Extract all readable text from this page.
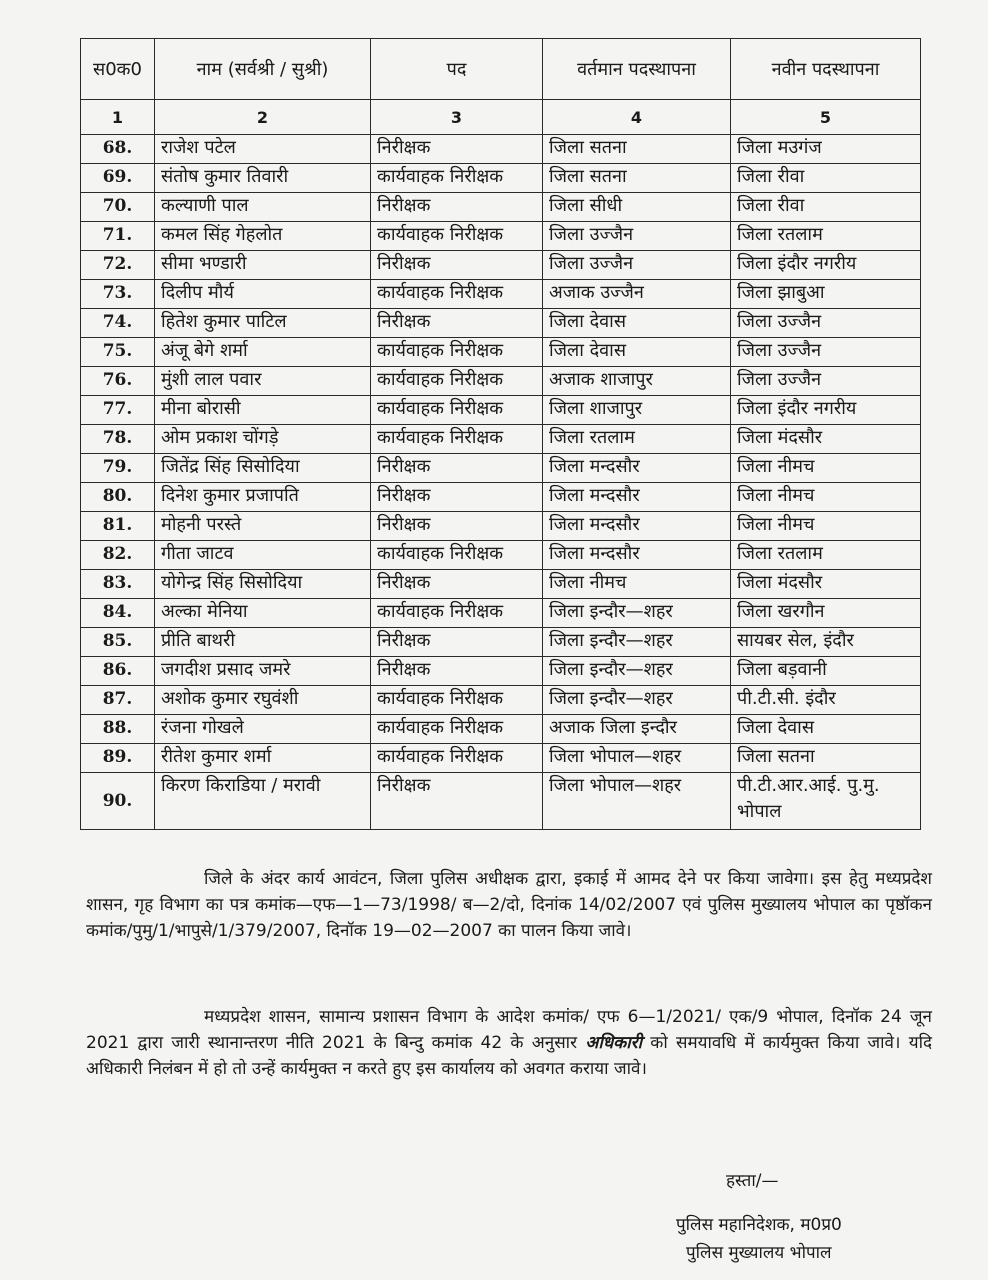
स0क0	नाम (सर्वश्री / सुश्री)	पद	वर्तमान पदस्थापना	नवीन पदस्थापना
1	2	3	4	5
68.	राजेश पटेल	निरीक्षक	जिला सतना	जिला मउगंज
69.	संतोष कुमार तिवारी	कार्यवाहक निरीक्षक	जिला सतना	जिला रीवा
70.	कल्याणी पाल	निरीक्षक	जिला सीधी	जिला रीवा
71.	कमल सिंह गेहलोत	कार्यवाहक निरीक्षक	जिला उज्जैन	जिला रतलाम
72.	सीमा भण्डारी	निरीक्षक	जिला उज्जैन	जिला इंदौर नगरीय
73.	दिलीप मौर्य	कार्यवाहक निरीक्षक	अजाक उज्जैन	जिला झाबुआ
74.	हितेश कुमार पाटिल	निरीक्षक	जिला देवास	जिला उज्जैन
75.	अंजू बेगे शर्मा	कार्यवाहक निरीक्षक	जिला देवास	जिला उज्जैन
76.	मुंशी लाल पवार	कार्यवाहक निरीक्षक	अजाक शाजापुर	जिला उज्जैन
77.	मीना बोरासी	कार्यवाहक निरीक्षक	जिला शाजापुर	जिला इंदौर नगरीय
78.	ओम प्रकाश चोंगड़े	कार्यवाहक निरीक्षक	जिला रतलाम	जिला मंदसौर
79.	जितेंद्र सिंह सिसोदिया	निरीक्षक	जिला मन्दसौर	जिला नीमच
80.	दिनेश कुमार प्रजापति	निरीक्षक	जिला मन्दसौर	जिला नीमच
81.	मोहनी परस्ते	निरीक्षक	जिला मन्दसौर	जिला नीमच
82.	गीता जाटव	कार्यवाहक निरीक्षक	जिला मन्दसौर	जिला रतलाम
83.	योगेन्द्र सिंह सिसोदिया	निरीक्षक	जिला नीमच	जिला मंदसौर
84.	अल्का मेनिया	कार्यवाहक निरीक्षक	जिला इन्दौर—शहर	जिला खरगौन
85.	प्रीति बाथरी	निरीक्षक	जिला इन्दौर—शहर	सायबर सेल, इंदौर
86.	जगदीश प्रसाद जमरे	निरीक्षक	जिला इन्दौर—शहर	जिला बड़वानी
87.	अशोक कुमार रघुवंशी	कार्यवाहक निरीक्षक	जिला इन्दौर—शहर	पी.टी.सी. इंदौर
88.	रंजना गोखले	कार्यवाहक निरीक्षक	अजाक जिला इन्दौर	जिला देवास
89.	रीतेश कुमार शर्मा	कार्यवाहक निरीक्षक	जिला भोपाल—शहर	जिला सतना
90.	किरण किराडिया / मरावी	निरीक्षक	जिला भोपाल—शहर	पी.टी.आर.आई. पु.मु. भोपाल
जिले के अंदर कार्य आवंटन, जिला पुलिस अधीक्षक द्वारा, इकाई में आमद देने पर किया जावेगा। इस हेतु मध्यप्रदेश शासन, गृह विभाग का पत्र कमांक—एफ—1—73/1998/ ब—2/दो, दिनांक 14/02/2007 एवं पुलिस मुख्यालय भोपाल का पृष्ठॉकन कमांक/पुमु/1/भापुसे/1/379/2007, दिनॉक 19—02—2007 का पालन किया जावे।
मध्यप्रदेश शासन, सामान्य प्रशासन विभाग के आदेश कमांक/ एफ 6—1/2021/ एक/9 भोपाल, दिनॉक 24 जून 2021 द्वारा जारी स्थानान्तरण नीति 2021 के बिन्दु कमांक 42 के अनुसार अधिकारी को समयावधि में कार्यमुक्त किया जावे। यदि अधिकारी निलंबन में हो तो उन्हें कार्यमुक्त न करते हुए इस कार्यालय को अवगत कराया जावे।
हस्ता/—
पुलिस महानिदेशक, म0प्र0
पुलिस मुख्यालय भोपाल
